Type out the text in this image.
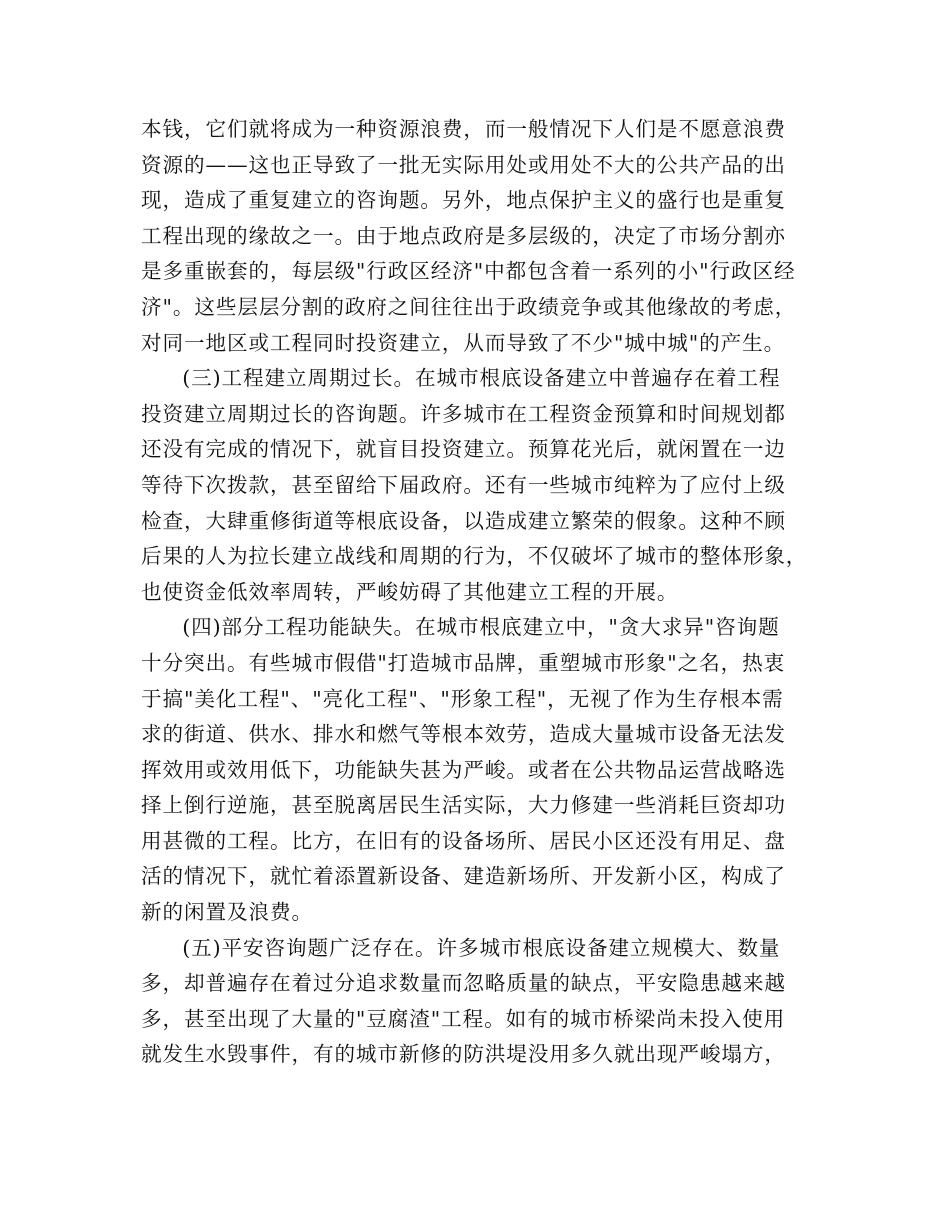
本钱，它们就将成为一种资源浪费，而一般情况下人们是不愿意浪费
资源的——这也正导致了一批无实际用处或用处不大的公共产品的出
现，造成了重复建立的咨询题。另外，地点保护主义的盛行也是重复
工程出现的缘故之一。由于地点政府是多层级的，决定了市场分割亦
是多重嵌套的，每层级"行政区经济"中都包含着一系列的小"行政区经
济"。这些层层分割的政府之间往往出于政绩竞争或其他缘故的考虑，
对同一地区或工程同时投资建立，从而导致了不少"城中城"的产生。
(三)工程建立周期过长。在城市根底设备建立中普遍存在着工程
投资建立周期过长的咨询题。许多城市在工程资金预算和时间规划都
还没有完成的情况下，就盲目投资建立。预算花光后，就闲置在一边
等待下次拨款，甚至留给下届政府。还有一些城市纯粹为了应付上级
检查，大肆重修街道等根底设备，以造成建立繁荣的假象。这种不顾
后果的人为拉长建立战线和周期的行为，不仅破坏了城市的整体形象，
也使资金低效率周转，严峻妨碍了其他建立工程的开展。
(四)部分工程功能缺失。在城市根底建立中，"贪大求异"咨询题
十分突出。有些城市假借"打造城市品牌，重塑城市形象"之名，热衷
于搞"美化工程"、"亮化工程"、"形象工程"，无视了作为生存根本需
求的街道、供水、排水和燃气等根本效劳，造成大量城市设备无法发
挥效用或效用低下，功能缺失甚为严峻。或者在公共物品运营战略选
择上倒行逆施，甚至脱离居民生活实际，大力修建一些消耗巨资却功
用甚微的工程。比方，在旧有的设备场所、居民小区还没有用足、盘
活的情况下，就忙着添置新设备、建造新场所、开发新小区，构成了
新的闲置及浪费。
(五)平安咨询题广泛存在。许多城市根底设备建立规模大、数量
多，却普遍存在着过分追求数量而忽略质量的缺点，平安隐患越来越
多，甚至出现了大量的"豆腐渣"工程。如有的城市桥梁尚未投入使用
就发生水毁事件，有的城市新修的防洪堤没用多久就出现严峻塌方，
